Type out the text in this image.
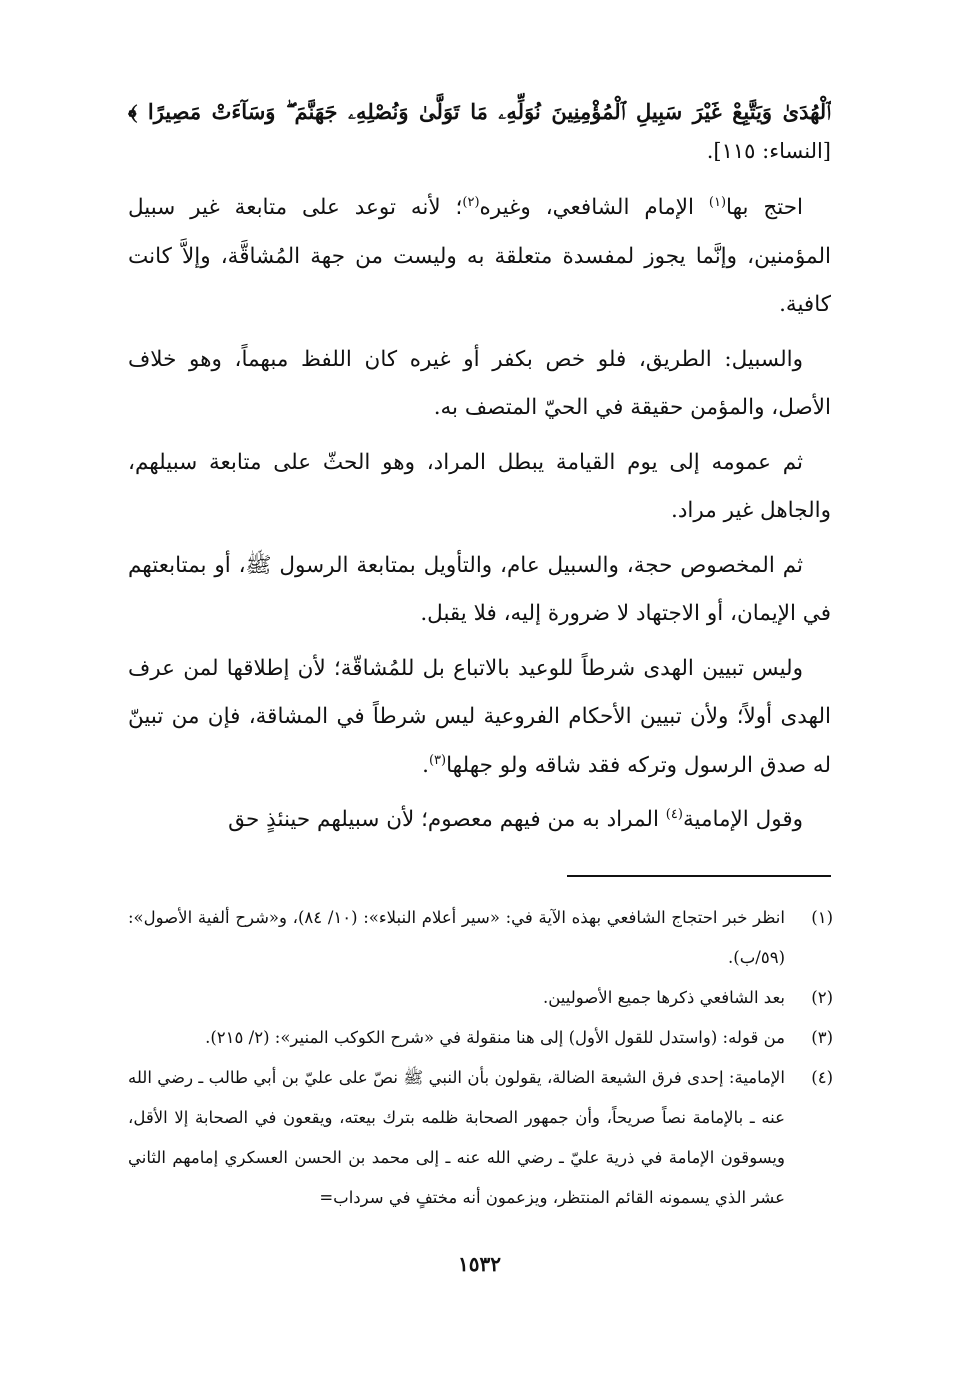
ٱلْهُدَىٰ وَيَتَّبِعْ غَيْرَ سَبِيلِ ٱلْمُؤْمِنِينَ نُوَلِّهِۦ مَا تَوَلَّىٰ وَنُصْلِهِۦ جَهَنَّمَ ۖ وَسَآءَتْ مَصِيرًا ﴾
[النساء: ١١٥].

احتج بها$^{(١)}$ الإمام الشافعي، وغيره$^{(٢)}$؛ لأنه توعد على متابعة غير سبيل المؤمنين، وإنَّما يجوز لمفسدة متعلقة به وليست من جهة المُشاقَّة، وإلاَّ كانت كافية.

والسبيل: الطريق، فلو خص بكفر أو غيره كان اللفظ مبهماً، وهو خلاف الأصل، والمؤمن حقيقة في الحيّ المتصف به.

ثم عمومه إلى يوم القيامة يبطل المراد، وهو الحثّ على متابعة سبيلهم، والجاهل غير مراد.

ثم المخصوص حجة، والسبيل عام، والتأويل بمتابعة الرسول ﷺ، أو بمتابعتهم في الإيمان، أو الاجتهاد لا ضرورة إليه، فلا يقبل.

وليس تبيين الهدى شرطاً للوعيد بالاتباع بل للمُشاقّة؛ لأن إطلاقها لمن عرف الهدى أولاً؛ ولأن تبيين الأحكام الفروعية ليس شرطاً في المشاقة، فإن من تبينّ له صدق الرسول وتركه فقد شاقه ولو جهلها$^{(٣)}$.

وقول الإمامية$^{(٤)}$ المراد به من فيهم معصوم؛ لأن سبيلهم حينئذٍ حق

(١)
انظر خبر احتجاج الشافعي بهذه الآية في: «سير أعلام النبلاء»: (١٠/ ٨٤)، و«شرح ألفية الأصول»: (٥٩/ب).
(٢)
بعد الشافعي ذكرها جميع الأصوليين.
(٣)
من قوله: (واستدل للقول الأول) إلى هنا منقولة في «شرح الكوكب المنير»: (٢/ ٢١٥).
(٤)
الإمامية: إحدى فرق الشيعة الضالة، يقولون بأن النبي ﷺ نصّ على عليّ بن أبي طالب ـ رضي الله عنه ـ بالإمامة نصاً صريحاً، وأن جمهور الصحابة ظلمه بترك بيعته، ويقعون في الصحابة إلا الأقل، ويسوقون الإمامة في ذرية عليّ ـ رضي الله عنه ـ إلى محمد بن الحسن العسكري إمامهم الثاني عشر الذي يسمونه القائم المنتظر، ويزعمون أنه مختفٍ في سرداب=
١٥٣٢
